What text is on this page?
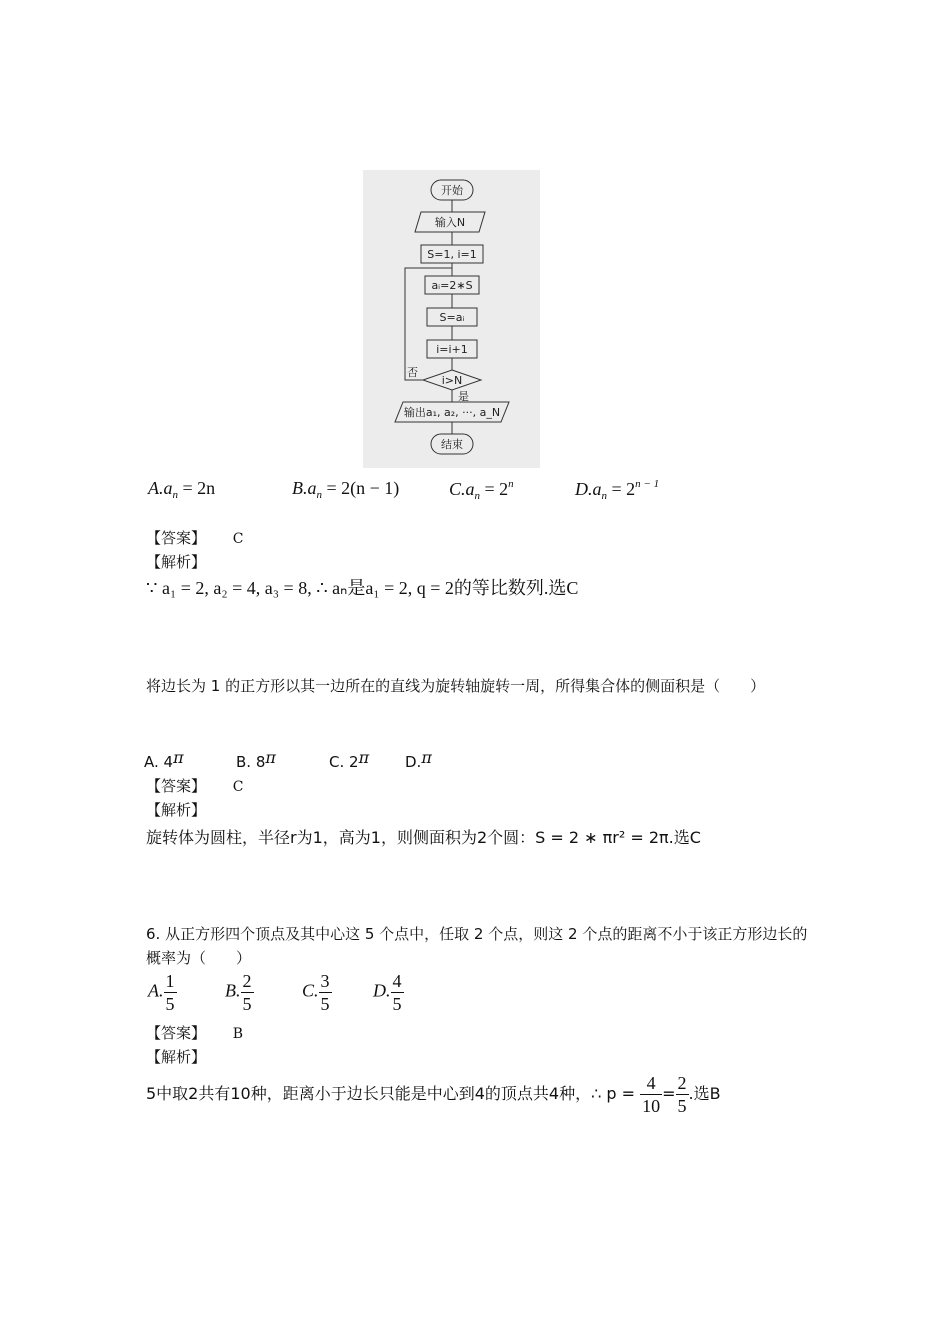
开始
输入N
S=1, i=1
aᵢ=2∗S
S=aᵢ
i=i+1
i>N
否
是
输出a₁, a₂, ···, a_N
结束
$A.a_n = 2n$	$B.a_n = 2(n - 1)$	$C.a_n = 2^n$	$D.a_n = 2^{n - 1}$
【答案】 C
【解析】
∵ a₁ = 2, a₂ = 4, a₃ = 8, ∴ aₙ是a₁ = 2, q = 2的等比数列.选C
将边长为 1 的正方形以其一边所在的直线为旋转轴旋转一周，所得集合体的侧面积是（　　）
A. 4π	B. 8π	C. 2π D.π
【答案】 C
【解析】
旋转体为圆柱，半径r为1，高为1，则侧面积为2个圆：S = 2 ∗ πr² = 2π.选C
6. 从正方形四个顶点及其中心这 5 个点中，任取 2 个点，则这 2 个点的距离不小于该正方形边长的概率为（　　）
A. $\frac{1}{5}$	B. $\frac{2}{5}$	C. $\frac{3}{5} D$. $\frac{4}{5}$
【答案】 B
【解析】
5中取2共有10种，距离小于边长只能是中心到4的顶点共4种，∴ $p = \frac{4}{10} = \frac{2}{5}$ .选B
